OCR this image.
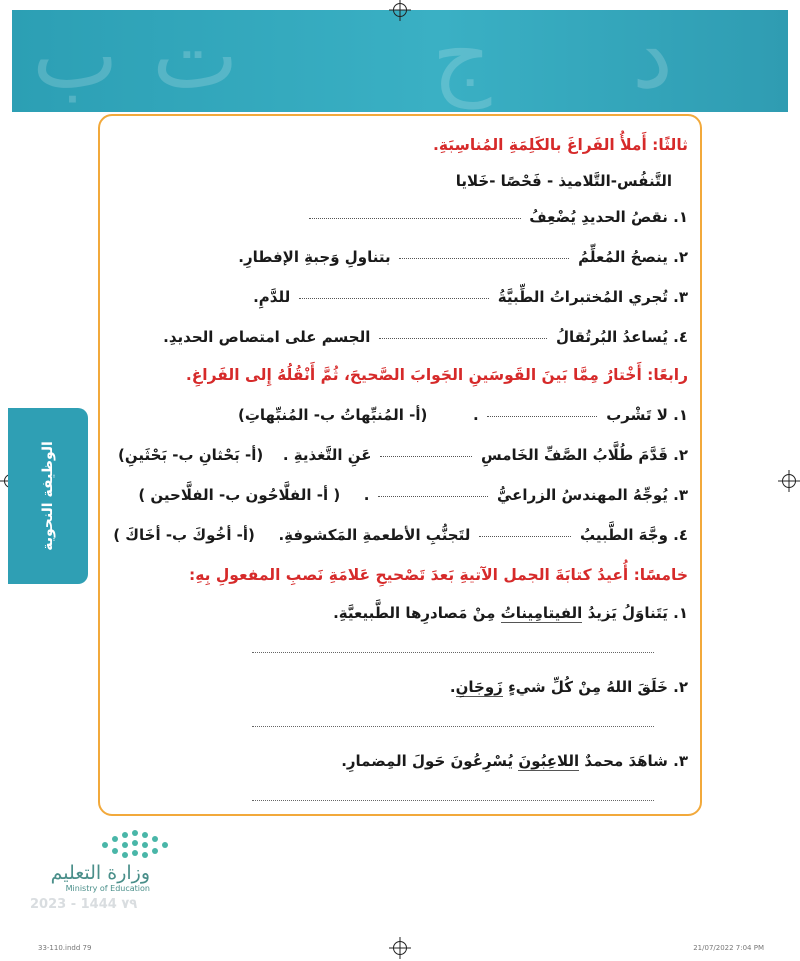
ب ت ج د
الوظيفة النحوية
ثالثًا: أَملأُ الفَراغَ بالكَلِمَةِ المُناسِبَةِ.
التَّنفُس-التَّلاميذ - فَحْصًا -خَلايا
١. نقصُ الحديدِ يُضْعِفُ
٢. ينصحُ المُعلِّمُ  بتناولِ وَجبةِ الإفطارِ.
٣. تُجري المُختبراتُ الطِّبيَّةُ  للدَّمِ.
٤. يُساعدُ البُرتُقالُ  الجسم على امتصاص الحديدِ.
رابعًا: أَخْتارُ مِمَّا بَينَ القَوسَينِ الجَوابَ الصَّحيحَ، ثُمَّ أَنْقُلُهُ إِلى الفَراغِ.
١. لا تَشْرب  .  (أ- المُنبِّهاتُ ب- المُنبِّهاتِ)
٢. قَدَّمَ طُلَّابُ الصَّفِّ الخَامسِ  عَنِ التَّغذيةِ .  (أ- بَحْثانِ ب- بَحْثَينِ)
٣. يُوجِّهُ المهندسُ الزراعيُّ  .  ( أ- الفلَّاحُون ب- الفلَّاحين )
٤. وجَّهَ الطَّبيبُ  لتَجنُّبِ الأطعمةِ المَكشوفةِ.  (أ- أخُوكَ ب- أخَاكَ )
خامسًا: أُعيدُ كتابَةَ الجمل الآتيةِ بَعدَ تَصْحيحِ عَلامَةِ نَصبِ المفعولِ بِهِ:
١. يَتَناوَلُ يَزيدُ الفيتامِيناتُ مِنْ مَصادرِها الطَّبيعيَّةِ.
٢. خَلَقَ اللهُ مِنْ كُلِّ شيءٍ زَوجَانِ.
٣. شاهَدَ محمدٌ اللاعِبُونَ يُسْرِعُونَ حَولَ المِضمارِ.
وزارة التعليم
Ministry of Education
2023 - 1444 ٧٩
33-110.indd 79	21/07/2022 7:04 PM
